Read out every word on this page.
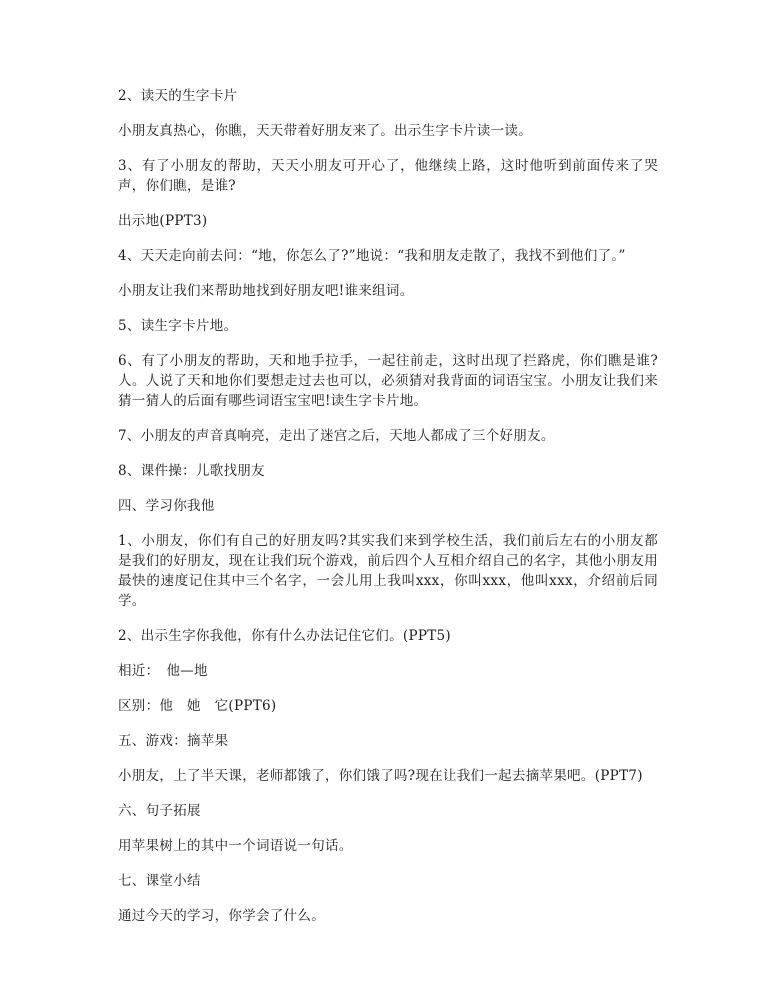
2、读天的生字卡片

小朋友真热心，你瞧，天天带着好朋友来了。出示生字卡片读一读。

3、有了小朋友的帮助，天天小朋友可开心了，他继续上路，这时他听到前面传来了哭声，你们瞧，是谁?

出示地(PPT3)

4、天天走向前去问：“地，你怎么了?”地说：“我和朋友走散了，我找不到他们了。”

小朋友让我们来帮助地找到好朋友吧!谁来组词。

5、读生字卡片地。

6、有了小朋友的帮助，天和地手拉手，一起往前走，这时出现了拦路虎，你们瞧是谁?人。人说了天和地你们要想走过去也可以，必须猜对我背面的词语宝宝。小朋友让我们来猜一猜人的后面有哪些词语宝宝吧!读生字卡片地。

7、小朋友的声音真响亮，走出了迷宫之后，天地人都成了三个好朋友。

8、课件操：儿歌找朋友

四、学习你我他

1、小朋友，你们有自己的好朋友吗?其实我们来到学校生活，我们前后左右的小朋友都是我们的好朋友，现在让我们玩个游戏，前后四个人互相介绍自己的名字，其他小朋友用最快的速度记住其中三个名字，一会儿用上我叫xxx，你叫xxx，他叫xxx，介绍前后同学。

2、出示生字你我他，你有什么办法记住它们。(PPT5)

相近：　他—地

区别：他　她　它(PPT6)

五、游戏：摘苹果

小朋友，上了半天课，老师都饿了，你们饿了吗?现在让我们一起去摘苹果吧。(PPT7)

六、句子拓展

用苹果树上的其中一个词语说一句话。

七、课堂小结

通过今天的学习，你学会了什么。
